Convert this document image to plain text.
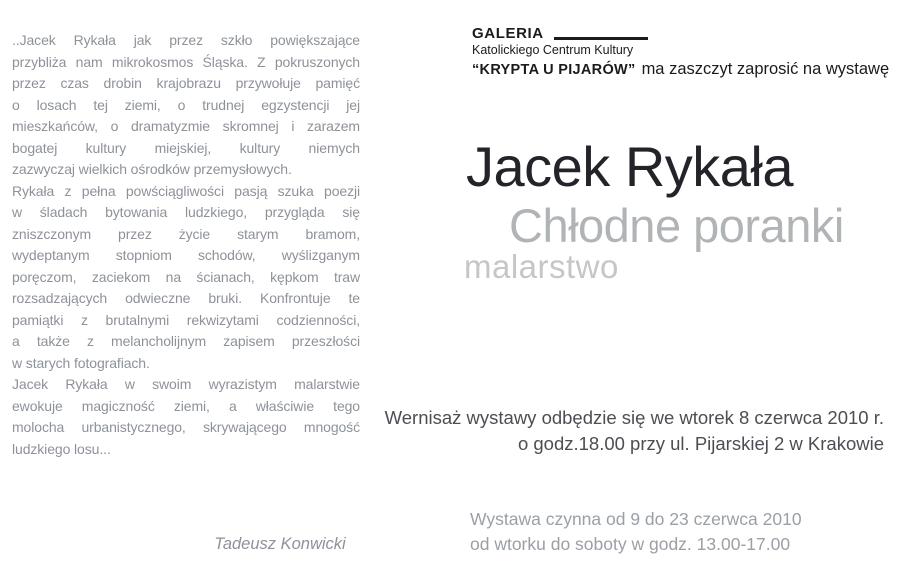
..Jacek Rykała jak przez szkło powiększające
przybliża nam mikrokosmos Śląska. Z pokruszonych
przez czas drobin krajobrazu przywołuje pamięć
o losach tej ziemi, o trudnej egzystencji jej
mieszkańców, o dramatyzmie skromnej i zarazem
bogatej kultury miejskiej, kultury niemych
zazwyczaj wielkich ośrodków przemysłowych.
Rykała z pełna powściągliwości pasją szuka poezji
w śladach bytowania ludzkiego, przygląda się
zniszczonym przez życie starym bramom,
wydeptanym stopniom schodów, wyślizganym
poręczom, zaciekom na ścianach, kępkom traw
rozsadzających odwieczne bruki. Konfrontuje te
pamiątki z brutalnymi rekwizytami codzienności,
a także z melancholijnym zapisem przeszłości
w starych fotografiach.
Jacek Rykała w swoim wyrazistym malarstwie
ewokuje magiczność ziemi, a właściwie tego
molocha urbanistycznego, skrywającego mnogość
ludzkiego losu...
Tadeusz Konwicki
GALERIA
Katolickiego Centrum Kultury
“KRYPTA U PIJARÓW” ma zaszczyt zaprosić na wystawę
Jacek Rykała
Chłodne poranki
malarstwo
Wernisaż wystawy odbędzie się we wtorek 8 czerwca 2010 r.
o godz.18.00 przy ul. Pijarskiej 2 w Krakowie
Wystawa czynna od 9 do 23 czerwca 2010
od wtorku do soboty w godz. 13.00-17.00
